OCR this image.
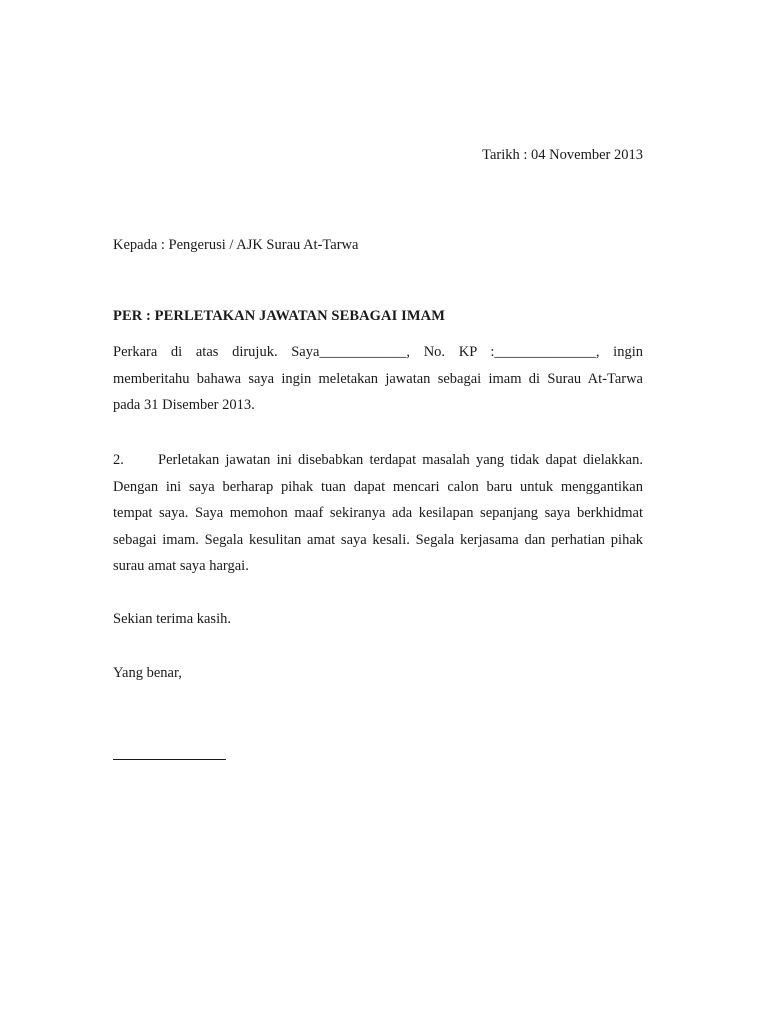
Tarikh : 04 November 2013
Kepada : Pengerusi / AJK Surau At-Tarwa
PER : PERLETAKAN JAWATAN SEBAGAI IMAM
Perkara di atas dirujuk. Saya____________, No. KP :______________, ingin
memberitahu bahawa saya ingin meletakan jawatan sebagai imam di Surau At-Tarwa
pada 31 Disember 2013.
2. Perletakan jawatan ini disebabkan terdapat masalah yang tidak dapat dielakkan.
Dengan ini saya berharap pihak tuan dapat mencari calon baru untuk menggantikan
tempat saya. Saya memohon maaf sekiranya ada kesilapan sepanjang saya berkhidmat
sebagai imam. Segala kesulitan amat saya kesali. Segala kerjasama dan perhatian pihak
surau amat saya hargai.
Sekian terima kasih.
Yang benar,
